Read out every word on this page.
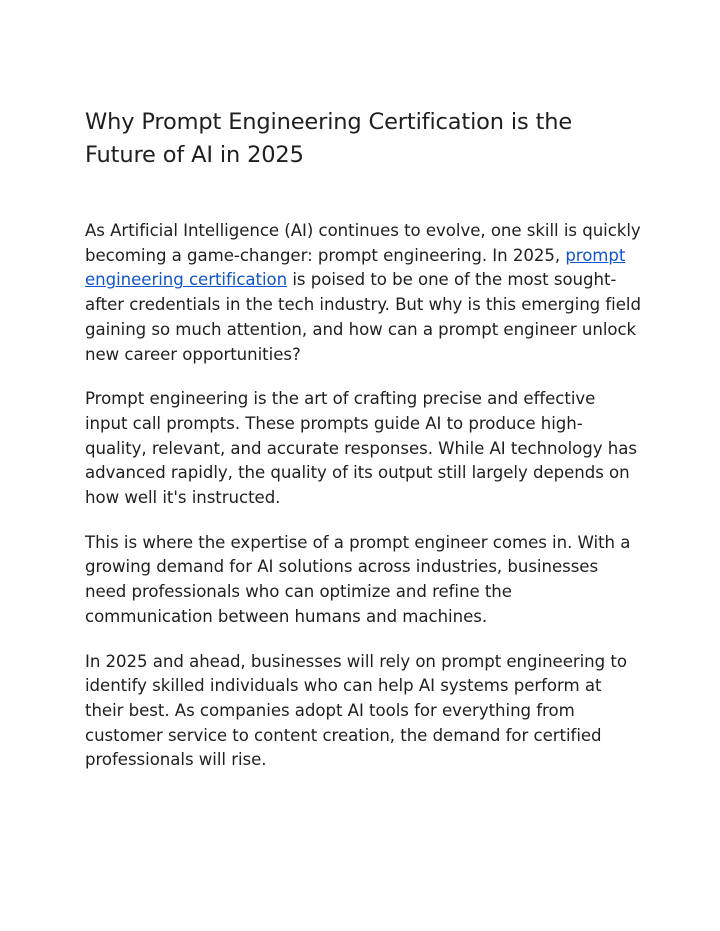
Why Prompt Engineering Certification is the Future of AI in 2025

As Artificial Intelligence (AI) continues to evolve, one skill is quickly becoming a game-changer: prompt engineering. In 2025, prompt engineering certification is poised to be one of the most sought-after credentials in the tech industry. But why is this emerging field gaining so much attention, and how can a prompt engineer unlock new career opportunities?

Prompt engineering is the art of crafting precise and effective input call prompts. These prompts guide AI to produce high-quality, relevant, and accurate responses. While AI technology has advanced rapidly, the quality of its output still largely depends on how well it's instructed.

This is where the expertise of a prompt engineer comes in. With a growing demand for AI solutions across industries, businesses need professionals who can optimize and refine the communication between humans and machines.

In 2025 and ahead, businesses will rely on prompt engineering to identify skilled individuals who can help AI systems perform at their best. As companies adopt AI tools for everything from customer service to content creation, the demand for certified professionals will rise.
